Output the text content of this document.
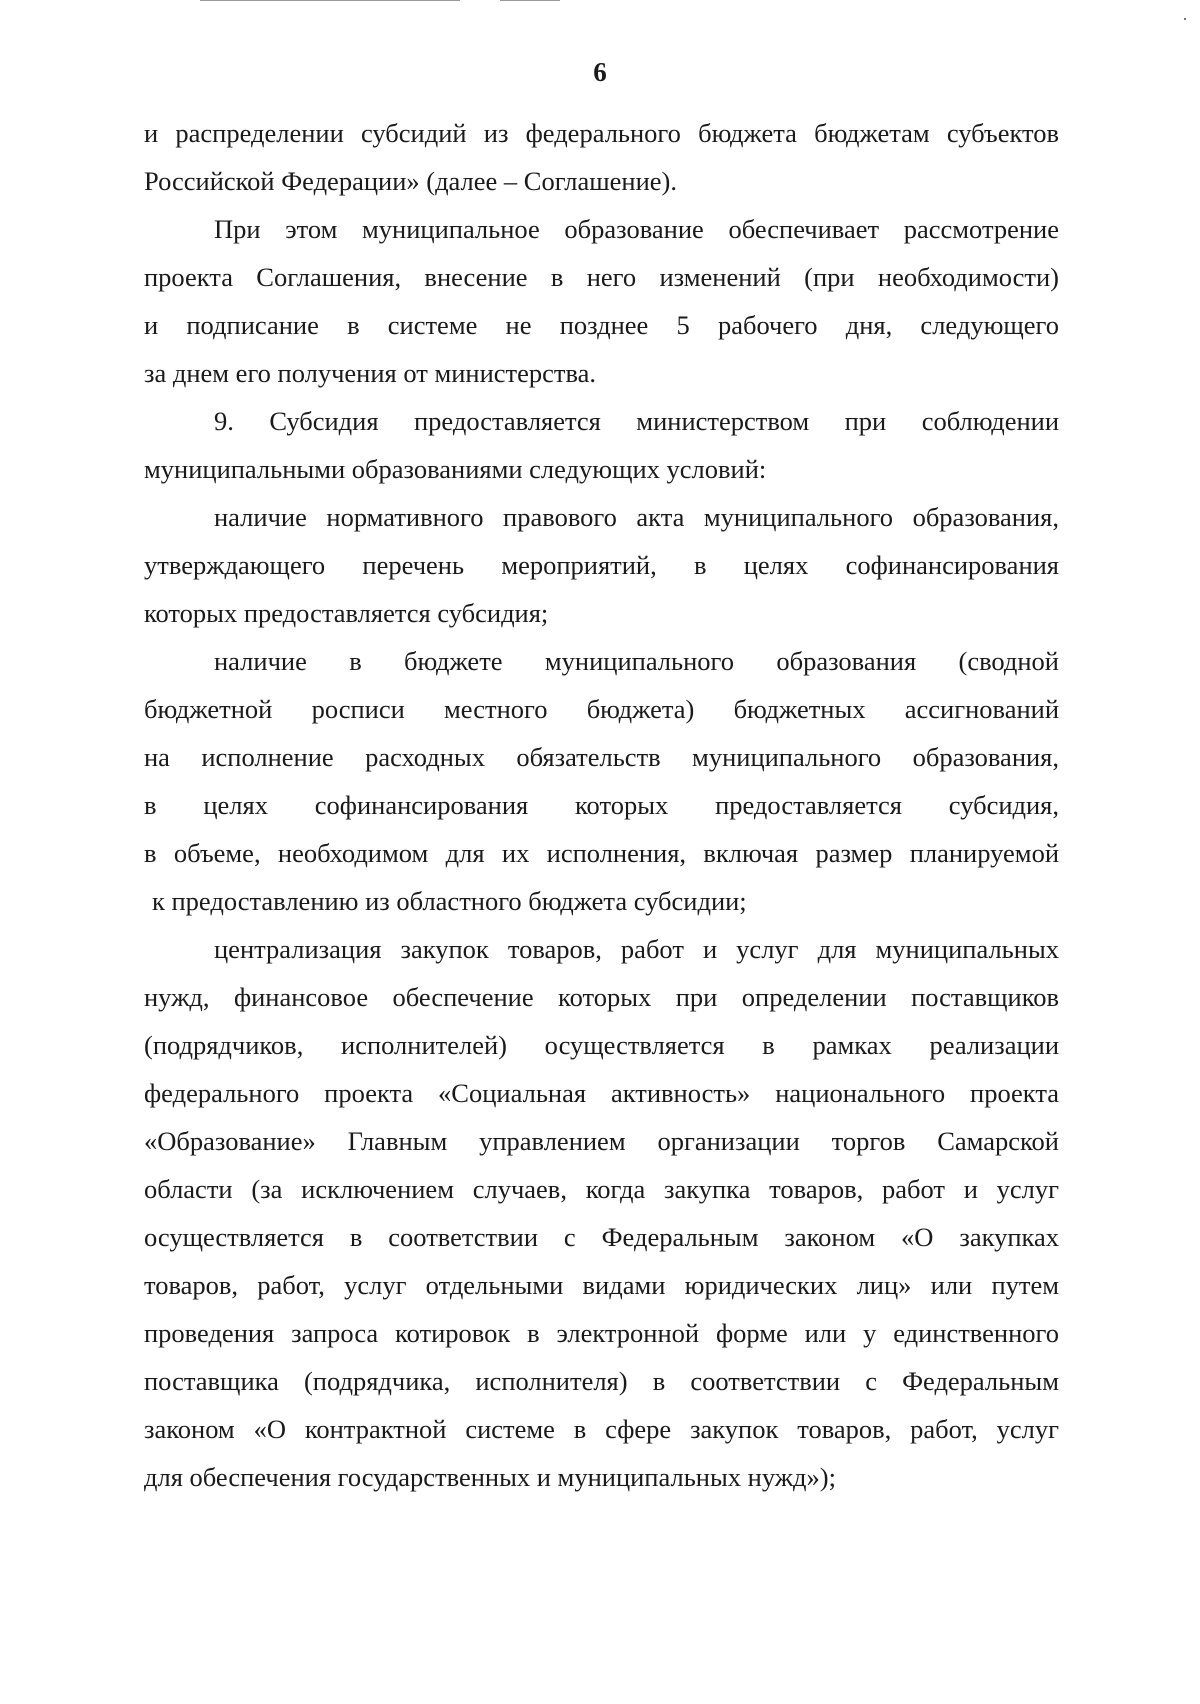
6
и распределении субсидий из федерального бюджета бюджетам субъектов
Российской Федерации» (далее – Соглашение).
При этом муниципальное образование обеспечивает рассмотрение
проекта Соглашения, внесение в него изменений (при необходимости)
и подписание в системе не позднее 5 рабочего дня, следующего
за днем его получения от министерства.
9. Субсидия предоставляется министерством при соблюдении
муниципальными образованиями следующих условий:
наличие нормативного правового акта муниципального образования,
утверждающего перечень мероприятий, в целях софинансирования
которых предоставляется субсидия;
наличие в бюджете муниципального образования (сводной
бюджетной росписи местного бюджета) бюджетных ассигнований
на исполнение расходных обязательств муниципального образования,
в целях софинансирования которых предоставляется субсидия,
в объеме, необходимом для их исполнения, включая размер планируемой
к предоставлению из областного бюджета субсидии;
централизация закупок товаров, работ и услуг для муниципальных
нужд, финансовое обеспечение которых при определении поставщиков
(подрядчиков, исполнителей) осуществляется в рамках реализации
федерального проекта «Социальная активность» национального проекта
«Образование» Главным управлением организации торгов Самарской
области (за исключением случаев, когда закупка товаров, работ и услуг
осуществляется в соответствии с Федеральным законом «О закупках
товаров, работ, услуг отдельными видами юридических лиц» или путем
проведения запроса котировок в электронной форме или у единственного
поставщика (подрядчика, исполнителя) в соответствии с Федеральным
законом «О контрактной системе в сфере закупок товаров, работ, услуг
для обеспечения государственных и муниципальных нужд»);
